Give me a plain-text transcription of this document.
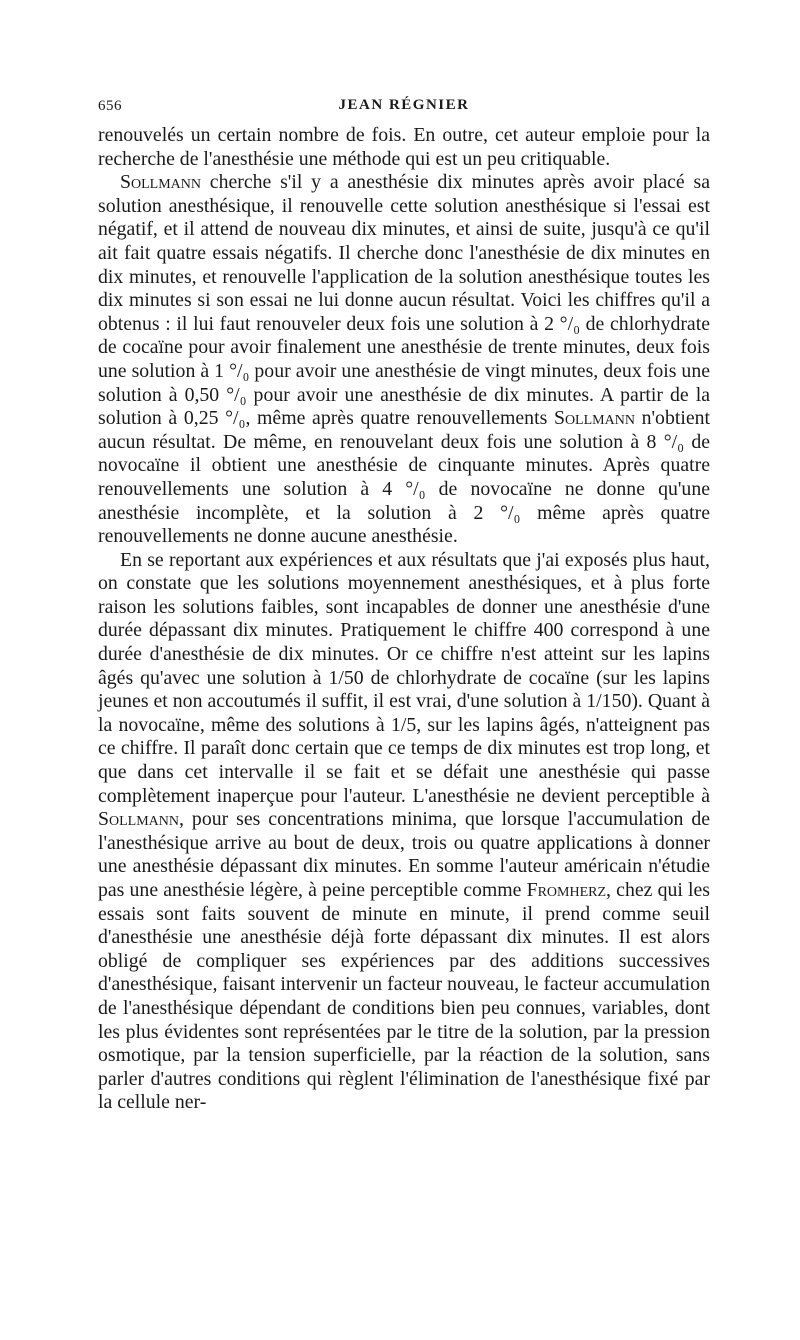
656	JEAN RÉGNIER

renouvelés un certain nombre de fois. En outre, cet auteur emploie pour la recherche de l'anesthésie une méthode qui est un peu critiquable.

Sollmann cherche s'il y a anesthésie dix minutes après avoir placé sa solution anesthésique, il renouvelle cette solution anesthésique si l'essai est négatif, et il attend de nouveau dix minutes, et ainsi de suite, jusqu'à ce qu'il ait fait quatre essais négatifs. Il cherche donc l'anesthésie de dix minutes en dix minutes, et renouvelle l'application de la solution anesthésique toutes les dix minutes si son essai ne lui donne aucun résultat. Voici les chiffres qu'il a obtenus : il lui faut renouveler deux fois une solution à 2 °/₀ de chlorhydrate de cocaïne pour avoir finalement une anesthésie de trente minutes, deux fois une solution à 1 °/₀ pour avoir une anesthésie de vingt minutes, deux fois une solution à 0,50 °/₀ pour avoir une anesthésie de dix minutes. A partir de la solution à 0,25 °/₀, même après quatre renouvellements Sollmann n'obtient aucun résultat. De même, en renouvelant deux fois une solution à 8 °/₀ de novocaïne il obtient une anesthésie de cinquante minutes. Après quatre renouvellements une solution à 4 °/₀ de novocaïne ne donne qu'une anesthésie incomplète, et la solution à 2 °/₀ même après quatre renouvellements ne donne aucune anesthésie.

En se reportant aux expériences et aux résultats que j'ai exposés plus haut, on constate que les solutions moyennement anesthésiques, et à plus forte raison les solutions faibles, sont incapables de donner une anesthésie d'une durée dépassant dix minutes. Pratiquement le chiffre 400 correspond à une durée d'anesthésie de dix minutes. Or ce chiffre n'est atteint sur les lapins âgés qu'avec une solution à 1/50 de chlorhydrate de cocaïne (sur les lapins jeunes et non accoutumés il suffit, il est vrai, d'une solution à 1/150). Quant à la novocaïne, même des solutions à 1/5, sur les lapins âgés, n'atteignent pas ce chiffre. Il paraît donc certain que ce temps de dix minutes est trop long, et que dans cet intervalle il se fait et se défait une anesthésie qui passe complètement inaperçue pour l'auteur. L'anesthésie ne devient perceptible à Sollmann, pour ses concentrations minima, que lorsque l'accumulation de l'anesthésique arrive au bout de deux, trois ou quatre applications à donner une anesthésie dépassant dix minutes. En somme l'auteur américain n'étudie pas une anesthésie légère, à peine perceptible comme Fromherz, chez qui les essais sont faits souvent de minute en minute, il prend comme seuil d'anesthésie une anesthésie déjà forte dépassant dix minutes. Il est alors obligé de compliquer ses expériences par des additions successives d'anesthésique, faisant intervenir un facteur nouveau, le facteur accumulation de l'anesthésique dépendant de conditions bien peu connues, variables, dont les plus évidentes sont représentées par le titre de la solution, par la pression osmotique, par la tension superficielle, par la réaction de la solution, sans parler d'autres conditions qui règlent l'élimination de l'anesthésique fixé par la cellule ner-
